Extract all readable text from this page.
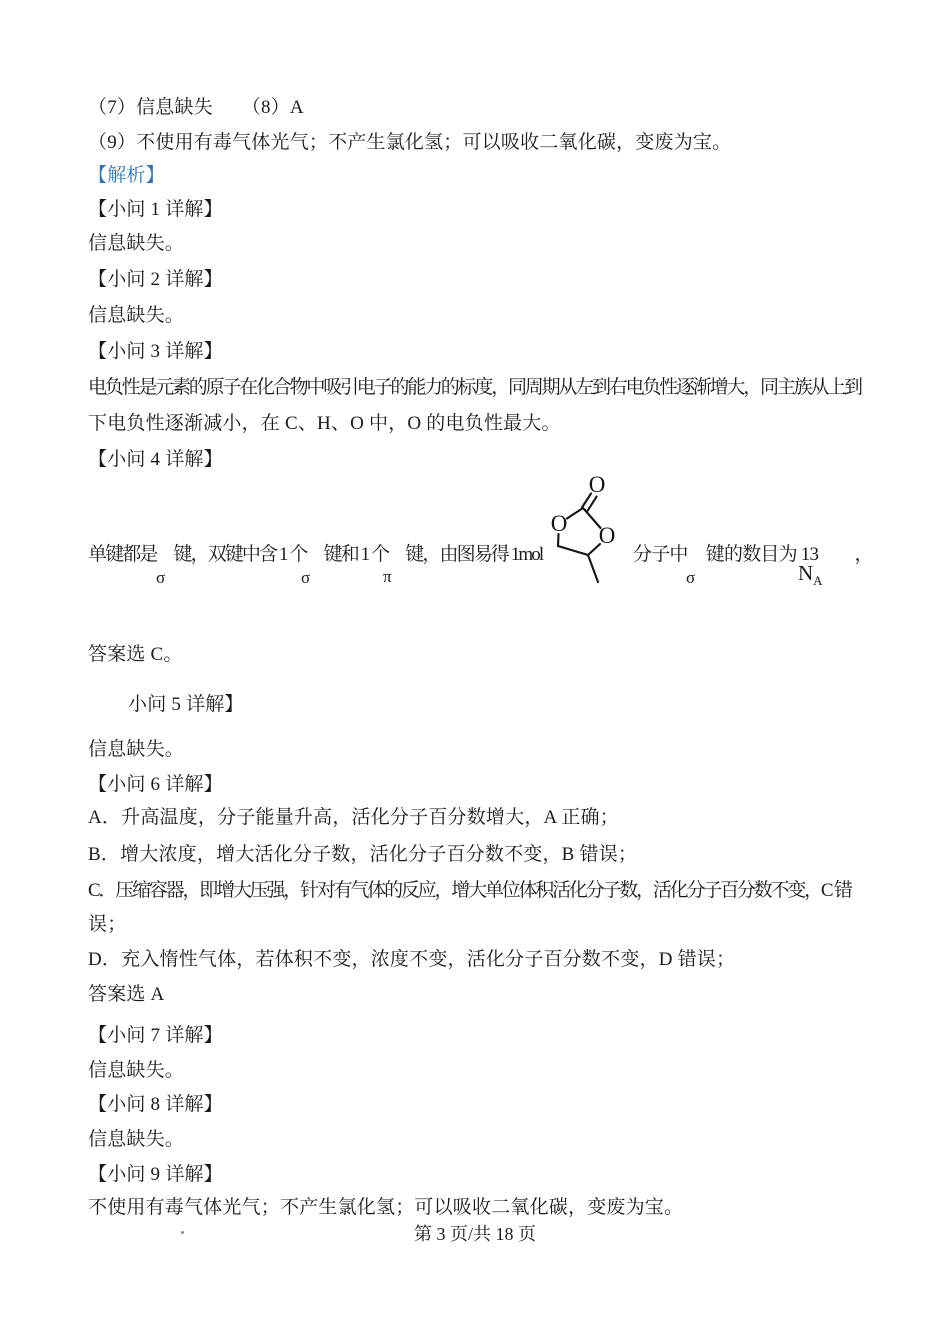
（7）信息缺失　　（8）A

（9）不使用有毒气体光气；不产生氯化氢；可以吸收二氧化碳，变废为宝。

【解析】

【小问 1 详解】

信息缺失。

【小问 2 详解】

信息缺失。

【小问 3 详解】

电负性是元素的原子在化合物中吸引电子的能力的标度，同周期从左到右电负性逐渐增大，同主族从上到

下电负性逐渐减小，在 C、H、O 中，O 的电负性最大。

【小问 4 详解】

单键都是　键，双键中含 1 个　键和 1 个　键，由图易得 1mol	分子中　键的数目为 13　　，

σ	σ	π	σ	$N_A$
O
O O

答案选 C。

小问 5 详解】

信息缺失。

【小问 6 详解】

A．升高温度，分子能量升高，活化分子百分数增大，A 正确；

B．增大浓度，增大活化分子数，活化分子百分数不变，B 错误；

C．压缩容器，即增大压强，针对有气体的反应，增大单位体积活化分子数，活化分子百分数不变，C 错

误；

D．充入惰性气体，若体积不变，浓度不变，活化分子百分数不变，D 错误；

答案选 A

【小问 7 详解】

信息缺失。

【小问 8 详解】

信息缺失。

【小问 9 详解】

不使用有毒气体光气；不产生氯化氢；可以吸收二氧化碳，变废为宝。

第 3 页/共 18 页
